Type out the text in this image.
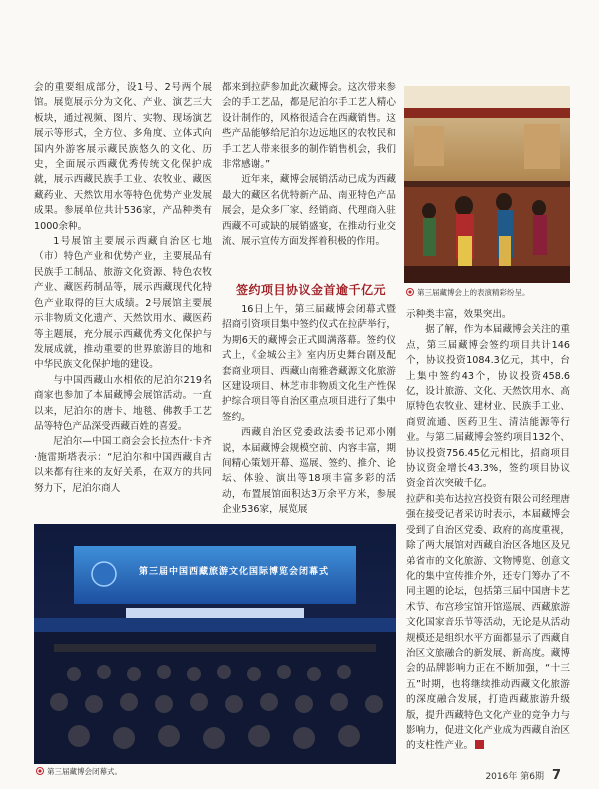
会的重要组成部分，设1号、2号两个展馆。展览展示分为文化、产业、演艺三大板块，通过视频、图片、实物、现场演艺展示等形式，全方位、多角度、立体式向国内外游客展示藏民族悠久的文化、历史，全面展示西藏优秀传统文化保护成就，展示西藏民族手工业、农牧业、藏医藏药业、天然饮用水等特色优势产业发展成果。参展单位共计536家，产品种类有1000余种。

1号展馆主要展示西藏自治区七地（市）特色产业和优势产业，主要展品有民族手工制品、旅游文化资源、特色农牧产业、藏医药制品等，展示西藏现代化特色产业取得的巨大成绩。2号展馆主要展示非物质文化遗产、天然饮用水、藏医药等主题展，充分展示西藏优秀文化保护与发展成就，推动重要的世界旅游目的地和中华民族文化保护地的建设。

与中国西藏山水相依的尼泊尔219名商家也参加了本届藏博会展馆活动。一直以来，尼泊尔的唐卡、地毯、佛教手工艺品等特色产品深受西藏百姓的喜爱。

尼泊尔—中国工商会会长拉杰什·卡齐·施雷斯塔表示：“尼泊尔和中国西藏自古以来都有往来的友好关系，在双方的共同努力下，尼泊尔商人

都来到拉萨参加此次藏博会。这次带来参会的手工艺品，都是尼泊尔手工艺人精心设计制作的，风格很适合在西藏销售。这些产品能够给尼泊尔边远地区的农牧民和手工艺人带来很多的制作销售机会，我们非常感谢。”

近年来，藏博会展销活动已成为西藏最大的藏区名优特新产品、南亚特色产品展会，是众多厂家、经销商、代理商入驻西藏不可或缺的展销盛宴，在推动行业交流、展示宣传方面发挥着积极的作用。

签约项目协议金首逾千亿元

16日上午，第三届藏博会闭幕式暨招商引资项目集中签约仪式在拉萨举行，为期6天的藏博会正式圆满落幕。签约仪式上，《金城公主》室内历史舞台剧及配套商业项目、西藏山南雅砻藏源文化旅游区建设项目、林芝市非物质文化生产性保护综合项目等自治区重点项目进行了集中签约。

西藏自治区党委政法委书记邓小刚说，本届藏博会规模空前、内容丰富，期间精心策划开幕、巡展、签约、推介、论坛、体验、演出等18项丰富多彩的活动，布置展馆面积达3万余平方米，参展企业536家，展览展

第三届藏博会上的表演精彩纷呈。

示种类丰富，效果突出。

据了解，作为本届藏博会关注的重点，第三届藏博会签约项目共计146个，协议投资1084.3亿元，其中，台上集中签约43个，协议投资458.6亿，设计旅游、文化、天然饮用水、高原特色农牧业、建材业、民族手工业、商贸流通、医药卫生、清洁能源等行业。与第二届藏博会签约项目132个、协议投资756.45亿元相比，招商项目协议资金增长43.3%，签约项目协议资金首次突破千亿。

拉萨和美布达拉宫投资有限公司经理唐强在接受记者采访时表示，本届藏博会受到了自治区党委、政府的高度重视，除了两大展馆对西藏自治区各地区及兄弟省市的文化旅游、文物博览、创意文化的集中宣传推介外，还专门筹办了不同主题的论坛，包括第三届中国唐卡艺术节、布宫珍宝馆开馆巡展、西藏旅游文化国家音乐节等活动，无论是从活动规模还是组织水平方面都显示了西藏自治区文旅融合的新发展、新高度。藏博会的品牌影响力正在不断加强，“十三五”时期，也将继续推动西藏文化旅游的深度融合发展，打造西藏旅游升级版，提升西藏特色文化产业的竞争力与影响力，促进文化产业成为西藏自治区的支柱性产业。

第三届中国西藏旅游文化国际博览会闭幕式
第三届藏博会闭幕式。
2016年 第6期 7
